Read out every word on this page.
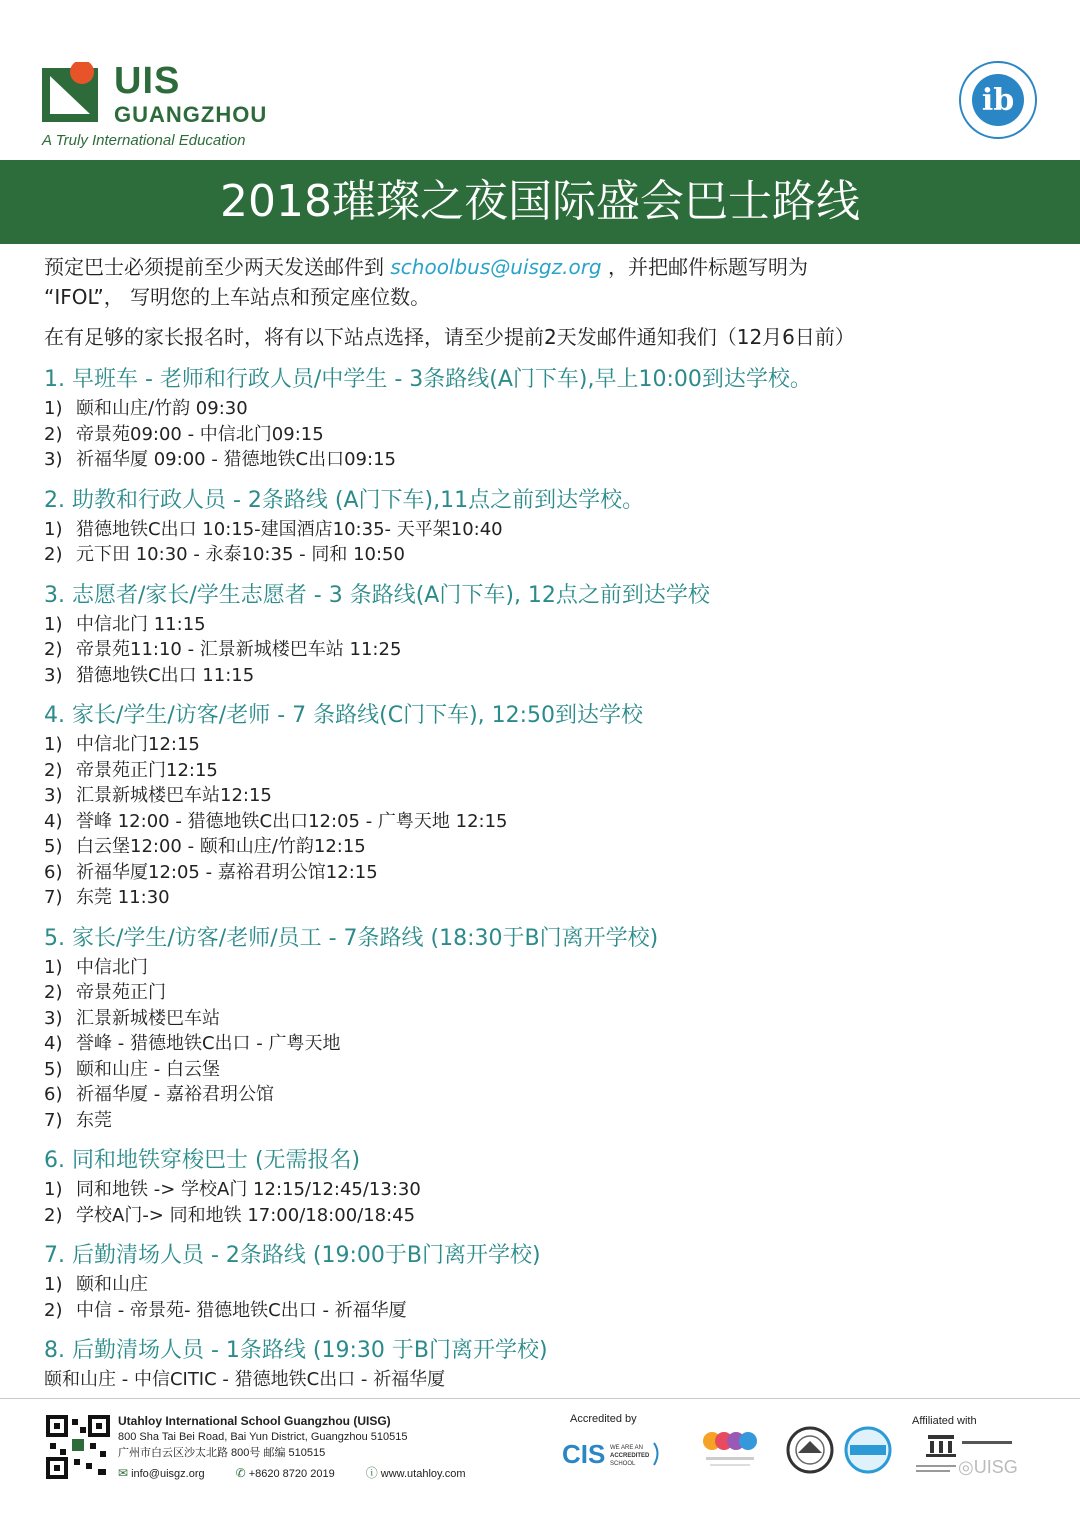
UIS
GUANGZHOU
A Truly International Education
ib
2018璀璨之夜国际盛会巴士路线

预定巴士必须提前至少两天发送邮件到 schoolbus@uisgz.org ，并把邮件标题写明为

“IFOL”， 写明您的上车站点和预定座位数。

在有足够的家长报名时，将有以下站点选择，请至少提前2天发邮件通知我们（12月6日前）

1. 早班车 - 老师和行政人员/中学生 - 3条路线(A门下车),早上10:00到达学校。
1) 颐和山庄/竹韵 09:30
2) 帝景苑09:00 - 中信北门09:15
3) 祈福华厦 09:00 - 猎德地铁C出口09:15
2. 助教和行政人员 - 2条路线 (A门下车),11点之前到达学校。
1) 猎德地铁C出口 10:15-建国酒店10:35- 天平架10:40
2) 元下田 10:30 - 永泰10:35 - 同和 10:50
3. 志愿者/家长/学生志愿者 - 3 条路线(A门下车), 12点之前到达学校
1) 中信北门 11:15
2) 帝景苑11:10 - 汇景新城楼巴车站 11:25
3) 猎德地铁C出口 11:15
4. 家长/学生/访客/老师 - 7 条路线(C门下车), 12:50到达学校
1) 中信北门12:15
2) 帝景苑正门12:15
3) 汇景新城楼巴车站12:15
4) 誉峰 12:00 - 猎德地铁C出口12:05 - 广粤天地 12:15
5) 白云堡12:00 - 颐和山庄/竹韵12:15
6) 祈福华厦12:05 - 嘉裕君玥公馆12:15
7) 东莞 11:30
5. 家长/学生/访客/老师/员工 - 7条路线 (18:30于B门离开学校)
1) 中信北门
2) 帝景苑正门
3) 汇景新城楼巴车站
4) 誉峰 - 猎德地铁C出口 - 广粤天地
5) 颐和山庄 - 白云堡
6) 祈福华厦 - 嘉裕君玥公馆
7) 东莞
6. 同和地铁穿梭巴士 (无需报名)
1) 同和地铁 -> 学校A门 12:15/12:45/13:30
2) 学校A门-> 同和地铁 17:00/18:00/18:45
7. 后勤清场人员 - 2条路线 (19:00于B门离开学校)
1) 颐和山庄
2) 中信 - 帝景苑- 猎德地铁C出口 - 祈福华厦
8. 后勤清场人员 - 1条路线 (19:30 于B门离开学校)
颐和山庄 - 中信CITIC - 猎德地铁C出口 - 祈福华厦
Utahloy International School Guangzhou (UISG)
800 Sha Tai Bei Road, Bai Yun District, Guangzhou 510515
广州市白云区沙太北路 800号 邮编 510515
✉ info@uisgz.org	✆ +8620 8720 2019	ⓘ www.utahloy.com
Accredited by
CIS WE ARE AN
ACCREDITED
SCHOOL
Affiliated with
◎UISG
